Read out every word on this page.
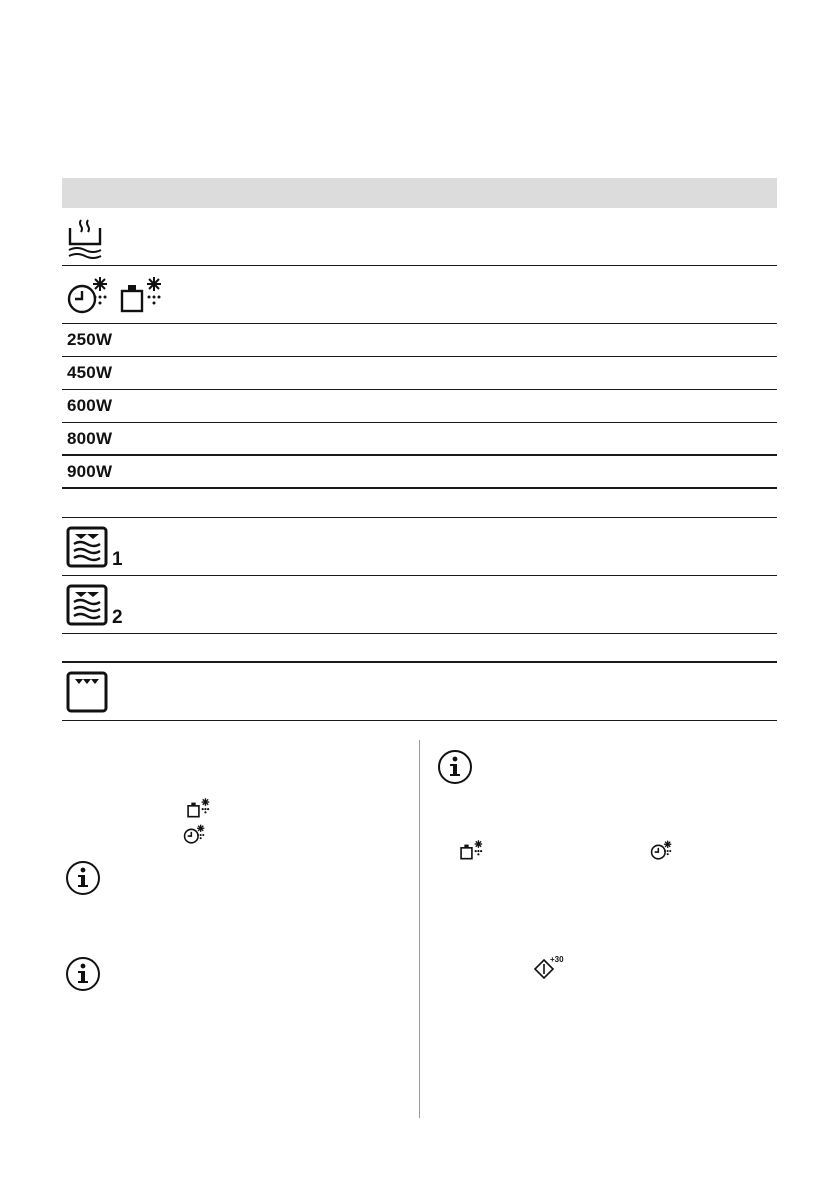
250W
450W
600W
800W
900W
1
2
+30
